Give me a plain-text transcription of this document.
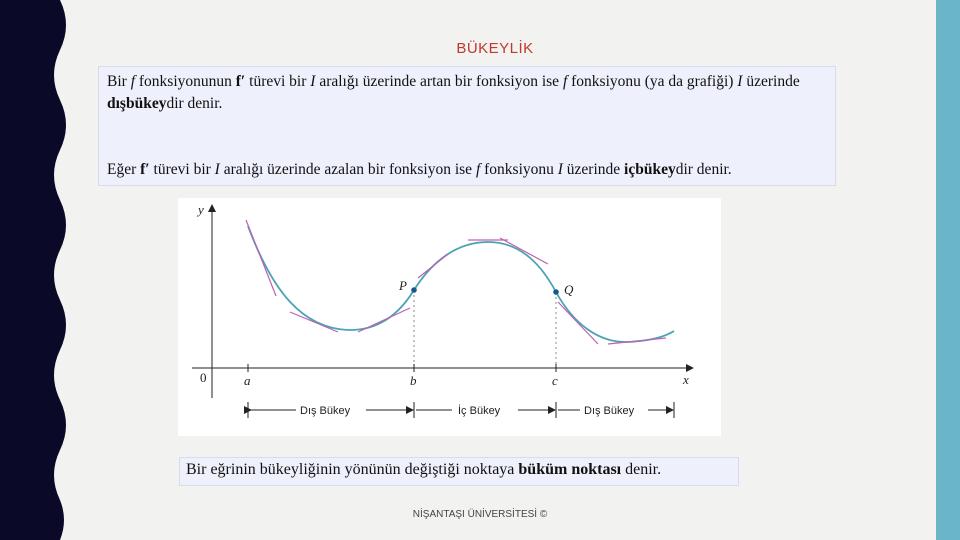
BÜKEYLİK

Bir f fonksiyonunun f′ türevi bir I aralığı üzerinde artan bir fonksiyon ise f fonksiyonu (ya da grafiği) I üzerinde dışbükeydir denir.

Eğer f′ türevi bir I aralığı üzerinde azalan bir fonksiyon ise f fonksiyonu I üzerinde içbükeydir denir.

y
x
0	a	b	c
P	Q
Dış Bükey	İç Bükey	Dış Bükey
Bir eğrinin bükeyliğinin yönünün değiştiği noktaya büküm noktası denir.
NİŞANTAŞI ÜNİVERSİTESİ ©
